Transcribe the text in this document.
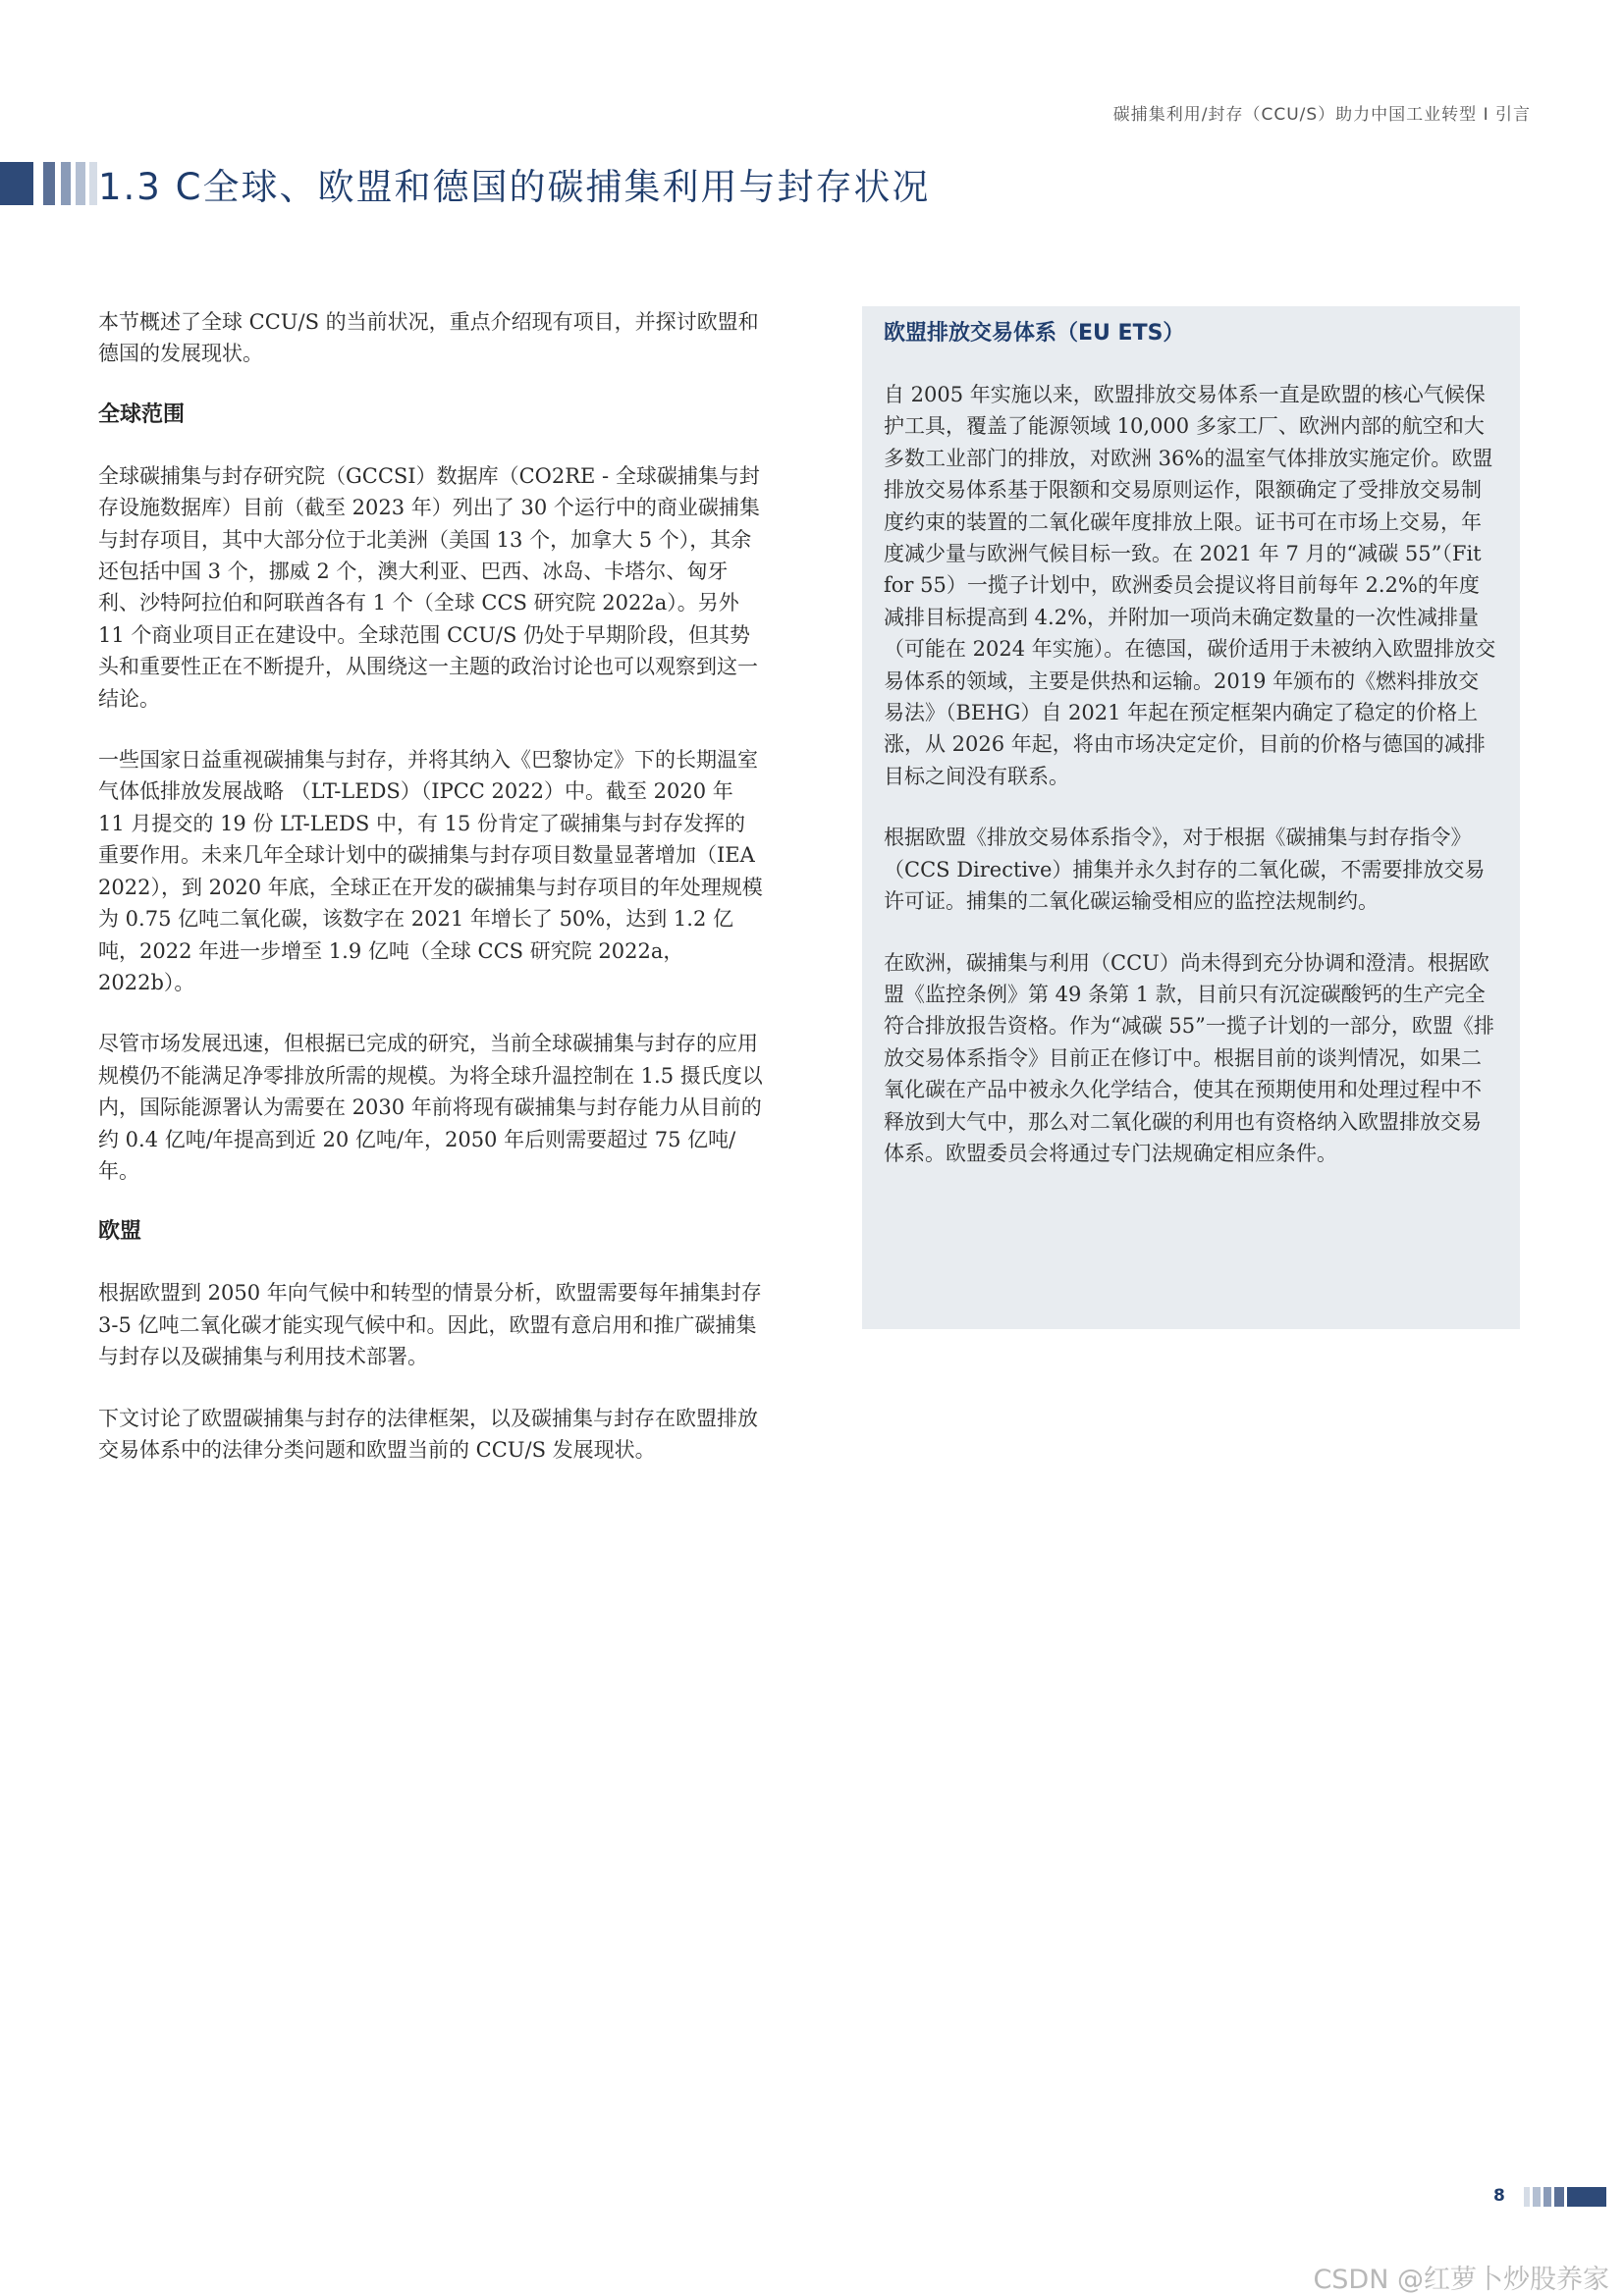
碳捕集利用/封存（CCU/S）助力中国工业转型 I 引言
1.3 C全球、欧盟和德国的碳捕集利用与封存状况

本节概述了全球 CCU/S 的当前状况，重点介绍现有项目，并探讨欧盟和德国的发展现状。

全球范围

全球碳捕集与封存研究院（GCCSI）数据库（CO2RE - 全球碳捕集与封存设施数据库）目前（截至 2023 年）列出了 30 个运行中的商业碳捕集与封存项目，其中大部分位于北美洲（美国 13 个，加拿大 5 个），其余还包括中国 3 个，挪威 2 个，澳大利亚、巴西、冰岛、卡塔尔、匈牙利、沙特阿拉伯和阿联酋各有 1 个（全球 CCS 研究院 2022a）。另外 11 个商业项目正在建设中。全球范围 CCU/S 仍处于早期阶段，但其势头和重要性正在不断提升，从围绕这一主题的政治讨论也可以观察到这一结论。

一些国家日益重视碳捕集与封存，并将其纳入《巴黎协定》下的长期温室气体低排放发展战略 （LT-LEDS）（IPCC 2022）中。截至 2020 年 11 月提交的 19 份 LT-LEDS 中，有 15 份肯定了碳捕集与封存发挥的重要作用。未来几年全球计划中的碳捕集与封存项目数量显著增加（IEA 2022），到 2020 年底，全球正在开发的碳捕集与封存项目的年处理规模为 0.75 亿吨二氧化碳，该数字在 2021 年增长了 50%，达到 1.2 亿吨，2022 年进一步增至 1.9 亿吨（全球 CCS 研究院 2022a，2022b）。

尽管市场发展迅速，但根据已完成的研究，当前全球碳捕集与封存的应用规模仍不能满足净零排放所需的规模。为将全球升温控制在 1.5 摄氏度以内，国际能源署认为需要在 2030 年前将现有碳捕集与封存能力从目前的约 0.4 亿吨/年提高到近 20 亿吨/年，2050 年后则需要超过 75 亿吨/年。

欧盟

根据欧盟到 2050 年向气候中和转型的情景分析，欧盟需要每年捕集封存 3-5 亿吨二氧化碳才能实现气候中和。因此，欧盟有意启用和推广碳捕集与封存以及碳捕集与利用技术部署。

下文讨论了欧盟碳捕集与封存的法律框架，以及碳捕集与封存在欧盟排放交易体系中的法律分类问题和欧盟当前的 CCU/S 发展现状。

欧盟排放交易体系（EU ETS）

自 2005 年实施以来，欧盟排放交易体系一直是欧盟的核心气候保护工具，覆盖了能源领域 10,000 多家工厂、欧洲内部的航空和大多数工业部门的排放，对欧洲 36%的温室气体排放实施定价。欧盟排放交易体系基于限额和交易原则运作，限额确定了受排放交易制度约束的装置的二氧化碳年度排放上限。证书可在市场上交易，年度减少量与欧洲气候目标一致。在 2021 年 7 月的“减碳 55”（Fit for 55）一揽子计划中，欧洲委员会提议将目前每年 2.2%的年度减排目标提高到 4.2%，并附加一项尚未确定数量的一次性减排量（可能在 2024 年实施）。在德国，碳价适用于未被纳入欧盟排放交易体系的领域，主要是供热和运输。2019 年颁布的《燃料排放交易法》（BEHG）自 2021 年起在预定框架内确定了稳定的价格上涨，从 2026 年起，将由市场决定定价，目前的价格与德国的减排目标之间没有联系。

根据欧盟《排放交易体系指令》，对于根据《碳捕集与封存指令》（CCS Directive）捕集并永久封存的二氧化碳，不需要排放交易许可证。捕集的二氧化碳运输受相应的监控法规制约。

在欧洲，碳捕集与利用（CCU）尚未得到充分协调和澄清。根据欧盟《监控条例》第 49 条第 1 款，目前只有沉淀碳酸钙的生产完全符合排放报告资格。作为“减碳 55”一揽子计划的一部分，欧盟《排放交易体系指令》目前正在修订中。根据目前的谈判情况，如果二氧化碳在产品中被永久化学结合，使其在预期使用和处理过程中不释放到大气中，那么对二氧化碳的利用也有资格纳入欧盟排放交易体系。欧盟委员会将通过专门法规确定相应条件。

8
CSDN @红萝卜炒股养家
